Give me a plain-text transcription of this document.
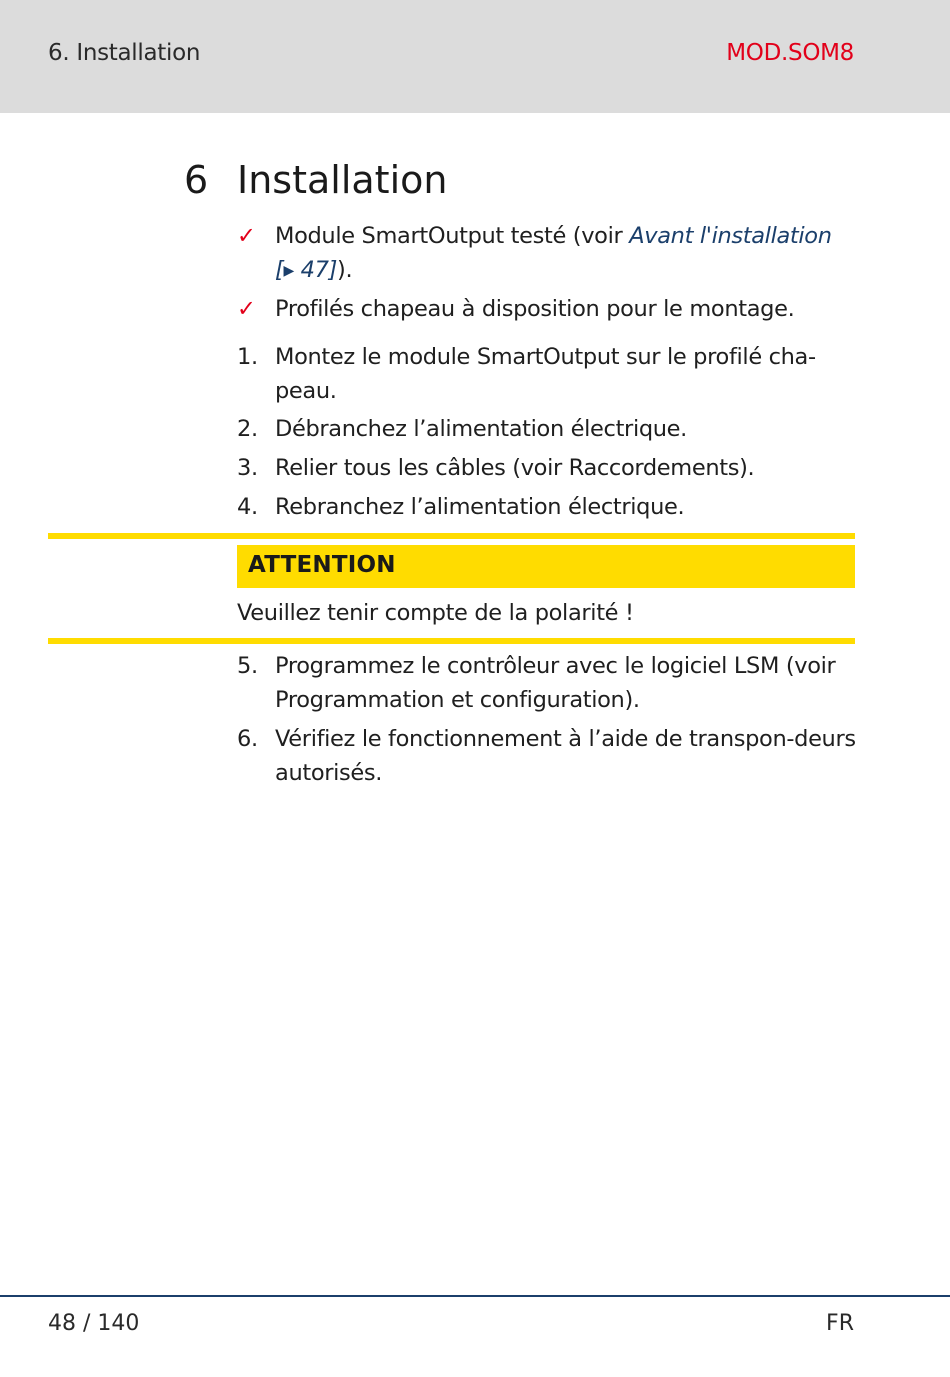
6. Installation	MOD.SOM8
6 Installation
✓ Module SmartOutput testé (voir Avant l'installation
[▶ 47]).
✓ Profilés chapeau à disposition pour le montage.
1. Montez le module SmartOutput sur le profilé cha-peau.
2. Débranchez l’alimentation électrique.
3. Relier tous les câbles (voir Raccordements).
4. Rebranchez l’alimentation électrique.
ATTENTION
Veuillez tenir compte de la polarité !
5. Programmez le contrôleur avec le logiciel LSM (voir Programmation et configuration).
6. Vérifiez le fonctionnement à l’aide de transpon-deurs autorisés.
48 / 140	FR
